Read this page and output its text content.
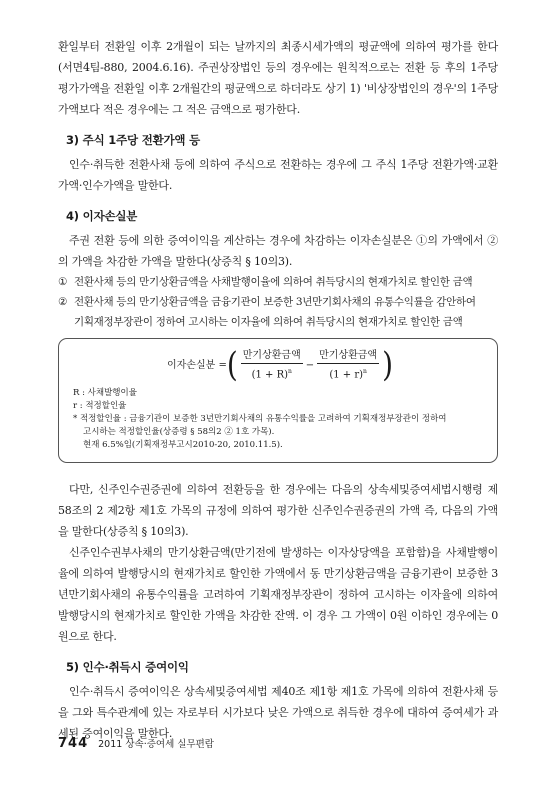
환일부터 전환일 이후 2개월이 되는 날까지의 최종시세가액의 평균액에 의하여 평가를 한다(서면4팀-880, 2004.6.16). 주권상장법인 등의 경우에는 원칙적으로는 전환 등 후의 1주당 평가가액을 전환일 이후 2개월간의 평균액으로 하더라도 상기 1) '비상장법인의 경우'의 1주당 가액보다 적은 경우에는 그 적은 금액으로 평가한다.

3) 주식 1주당 전환가액 등

인수·취득한 전환사채 등에 의하여 주식으로 전환하는 경우에 그 주식 1주당 전환가액·교환가액·인수가액을 말한다.

4) 이자손실분

주권 전환 등에 의한 증여이익을 계산하는 경우에 차감하는 이자손실분은 ①의 가액에서 ②의 가액을 차감한 가액을 말한다(상증칙 § 10의3).

① 전환사채 등의 만기상환금액을 사채발행이율에 의하여 취득당시의 현재가치로 할인한 금액
② 전환사채 등의 만기상환금액을 금융기관이 보증한 3년만기회사채의 유통수익률을 감안하여
기획재정부장관이 정하여 고시하는 이자율에 의하여 취득당시의 현재가치로 할인한 금액
이자손실분 = ( $\frac{\text{만기상환금액}}{(1 + R)^n} - \frac{\text{만기상환금액}}{(1 + r)^n}$ )

R : 사채발행이율

r : 적정할인율

* 적정할인율 : 금융기관이 보증한 3년만기회사채의 유통수익률을 고려하여 기획재정부장관이 정하여

고시하는 적정할인율(상증령 § 58의2 ② 1호 가목).

현재 6.5%임(기획재정부고시2010-20, 2010.11.5).

다만, 신주인수권증권에 의하여 전환등을 한 경우에는 다음의 상속세및증여세법시행령 제58조의 2 제2항 제1호 가목의 규정에 의하여 평가한 신주인수권증권의 가액 즉, 다음의 가액을 말한다(상증칙 § 10의3).

신주인수권부사채의 만기상환금액(만기전에 발생하는 이자상당액을 포함함)을 사채발행이율에 의하여 발행당시의 현재가치로 할인한 가액에서 동 만기상환금액을 금융기관이 보증한 3년만기회사채의 유통수익률을 고려하여 기획재정부장관이 정하여 고시하는 이자율에 의하여 발행당시의 현재가치로 할인한 가액을 차감한 잔액. 이 경우 그 가액이 0원 이하인 경우에는 0원으로 한다.

5) 인수·취득시 증여이익

인수·취득시 증여이익은 상속세및증여세법 제40조 제1항 제1호 가목에 의하여 전환사채 등을 그와 특수관계에 있는 자로부터 시가보다 낮은 가액으로 취득한 경우에 대하여 증여세가 과세된 증여이익을 말한다.

744 2011 상속·증여세 실무편람
